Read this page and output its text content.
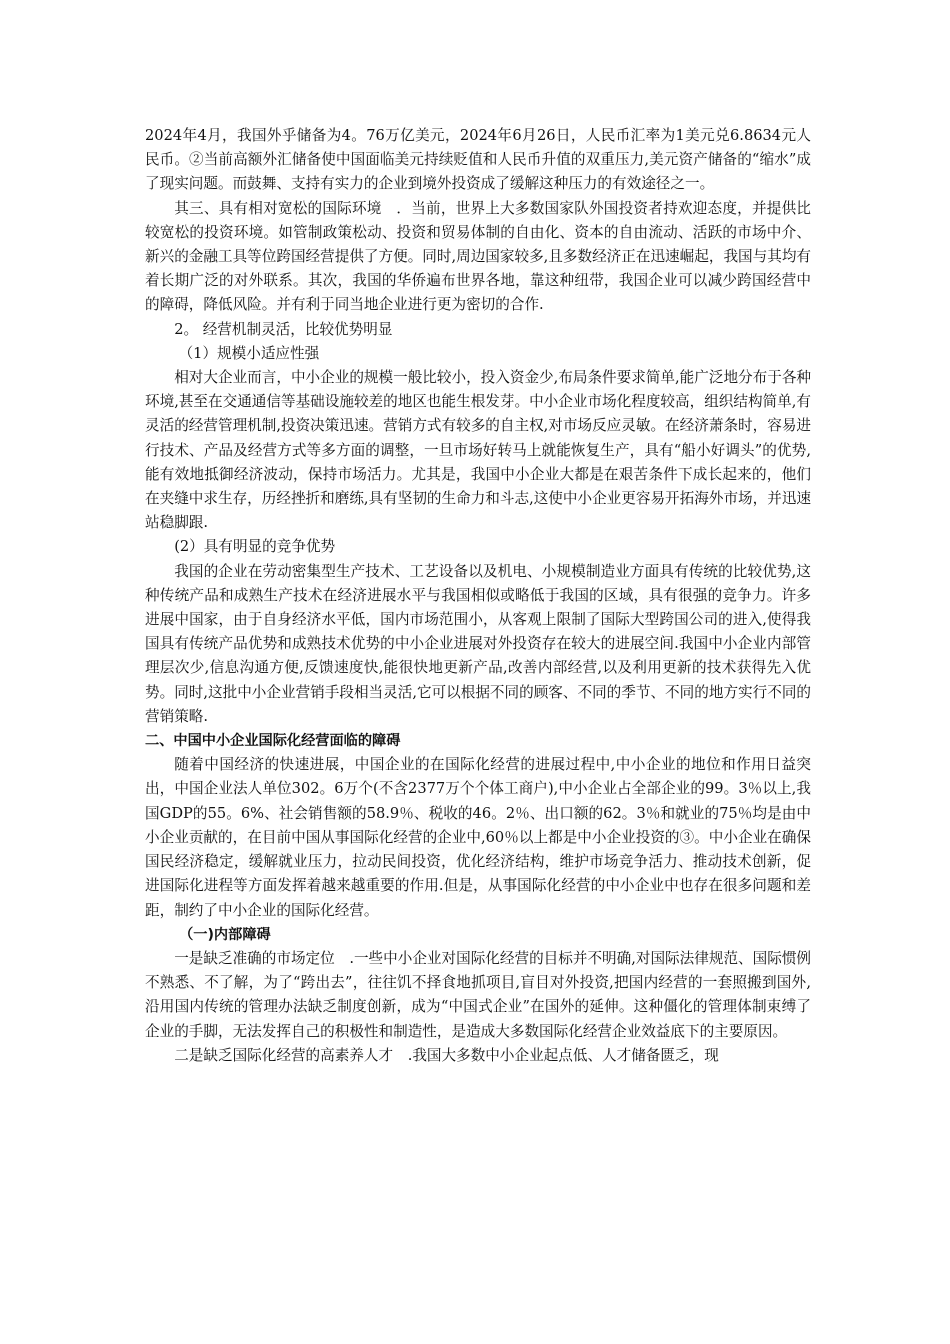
2024年4月，我国外乎储备为4。76万亿美元，2024年6月26日，人民币汇率为1美元兑6.8634元人民币。②当前高额外汇储备使中国面临美元持续贬值和人民币升值的双重压力,美元资产储备的“缩水”成了现实问题。而鼓舞、支持有实力的企业到境外投资成了缓解这种压力的有效途径之一。

其三、具有相对宽松的国际环境　．当前，世界上大多数国家队外国投资者持欢迎态度，并提供比较宽松的投资环境。如管制政策松动、投资和贸易体制的自由化、资本的自由流动、活跃的市场中介、新兴的金融工具等位跨国经营提供了方便。同时,周边国家较多,且多数经济正在迅速崛起，我国与其均有着长期广泛的对外联系。其次，我国的华侨遍布世界各地，靠这种纽带，我国企业可以减少跨国经营中的障碍，降低风险。并有利于同当地企业进行更为密切的合作.

2。 经营机制灵活，比较优势明显

（1）规模小适应性强

相对大企业而言，中小企业的规模一般比较小，投入资金少,布局条件要求简单,能广泛地分布于各种环境,甚至在交通通信等基础设施较差的地区也能生根发芽。中小企业市场化程度较高，组织结构简单,有灵活的经营管理机制,投资决策迅速。营销方式有较多的自主权,对市场反应灵敏。在经济萧条时，容易进行技术、产品及经营方式等多方面的调整，一旦市场好转马上就能恢复生产，具有“船小好调头”的优势,能有效地抵御经济波动，保持市场活力。尤其是，我国中小企业大都是在艰苦条件下成长起来的，他们在夹缝中求生存，历经挫折和磨练,具有坚韧的生命力和斗志,这使中小企业更容易开拓海外市场，并迅速站稳脚跟.

(2）具有明显的竞争优势

我国的企业在劳动密集型生产技术、工艺设备以及机电、小规模制造业方面具有传统的比较优势,这种传统产品和成熟生产技术在经济进展水平与我国相似或略低于我国的区域，具有很强的竞争力。许多进展中国家，由于自身经济水平低，国内市场范围小，从客观上限制了国际大型跨国公司的进入,使得我国具有传统产品优势和成熟技术优势的中小企业进展对外投资存在较大的进展空间.我国中小企业内部管理层次少,信息沟通方便,反馈速度快,能很快地更新产品,改善内部经营,以及利用更新的技术获得先入优势。同时,这批中小企业营销手段相当灵活,它可以根据不同的顾客、不同的季节、不同的地方实行不同的营销策略.

二、中国中小企业国际化经营面临的障碍

随着中国经济的快速进展，中国企业的在国际化经营的进展过程中,中小企业的地位和作用日益突出，中国企业法人单位302。6万个(不含2377万个个体工商户),中小企业占全部企业的99。3％以上,我国GDP的55。6%、社会销售额的58.9％、税收的46。2％、出口额的62。3％和就业的75％均是由中小企业贡献的，在目前中国从事国际化经营的企业中,60％以上都是中小企业投资的③。中小企业在确保国民经济稳定，缓解就业压力，拉动民间投资，优化经济结构，维护市场竞争活力、推动技术创新，促进国际化进程等方面发挥着越来越重要的作用.但是，从事国际化经营的中小企业中也存在很多问题和差距，制约了中小企业的国际化经营。

（一)内部障碍

一是缺乏准确的市场定位　.一些中小企业对国际化经营的目标并不明确,对国际法律规范、国际惯例不熟悉、不了解，为了“跨出去”，往往饥不择食地抓项目,盲目对外投资,把国内经营的一套照搬到国外,沿用国内传统的管理办法缺乏制度创新，成为“中国式企业”在国外的延伸。这种僵化的管理体制束缚了企业的手脚，无法发挥自己的积极性和制造性，是造成大多数国际化经营企业效益底下的主要原因。

二是缺乏国际化经营的高素养人才　.我国大多数中小企业起点低、人才储备匮乏，现
